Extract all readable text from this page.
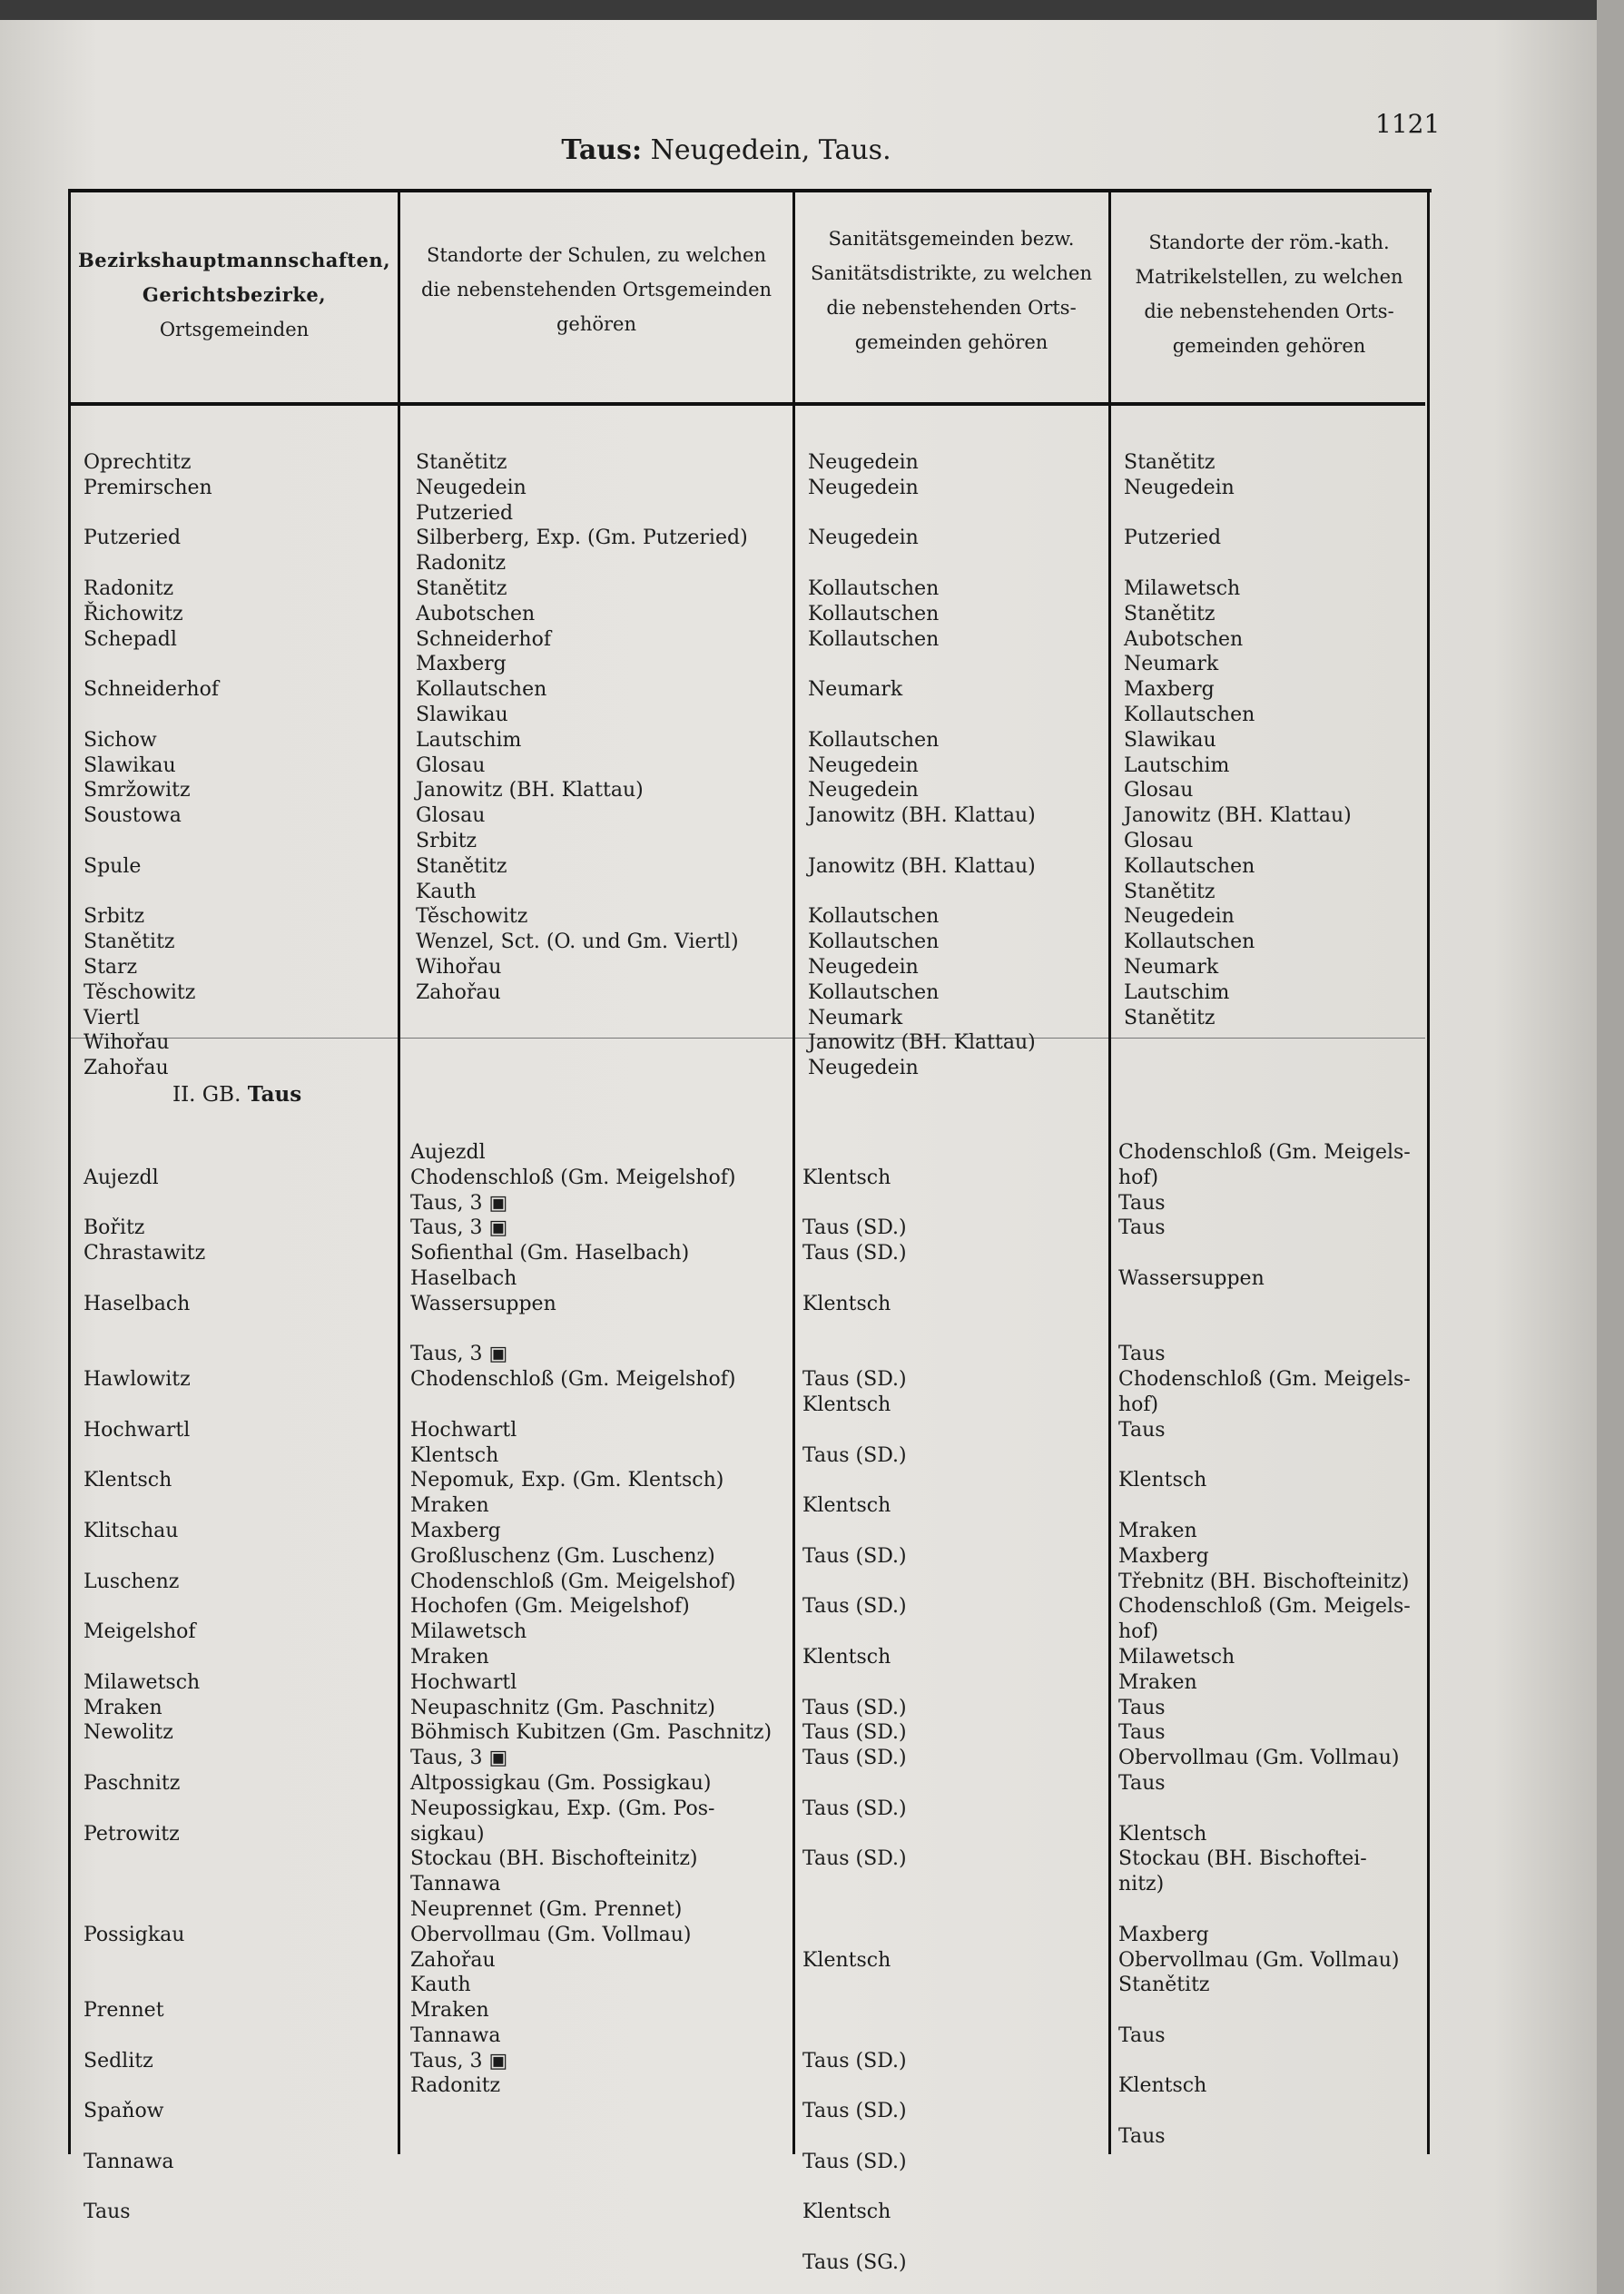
Taus: Neugedein, Taus.
1121
Bezirkshauptmannschaften,
Gerichtsbezirke,
Ortsgemeinden
Standorte der Schulen, zu welchen
die nebenstehenden Ortsgemeinden
gehören
Sanitätsgemeinden bezw.
Sanitätsdistrikte, zu welchen
die nebenstehenden Orts-
gemeinden gehören
Standorte der röm.-kath.
Matrikelstellen, zu welchen
die nebenstehenden Orts-
gemeinden gehören
Oprechtitz
Premirschen
Putzeried
Radonitz
Řichowitz
Schepadl
Schneiderhof
Sichow
Slawikau
Smržowitz
Soustowa
Spule
Srbitz
Stanětitz
Starz
Těschowitz
Viertl
Wihořau
Zahořau
Stanětitz
Neugedein
Putzeried
Silberberg, Exp. (Gm. Putzeried)
Radonitz
Stanětitz
Aubotschen
Schneiderhof
Maxberg
Kollautschen
Slawikau
Lautschim
Glosau
Janowitz (BH. Klattau)
Glosau
Srbitz
Stanětitz
Kauth
Těschowitz
Wenzel, Sct. (O. und Gm. Viertl)
Wihořau
Zahořau
Neugedein
Neugedein
Neugedein
Kollautschen
Kollautschen
Kollautschen
Neumark
Kollautschen
Neugedein
Neugedein
Janowitz (BH. Klattau)
Janowitz (BH. Klattau)
Kollautschen
Kollautschen
Neugedein
Kollautschen
Neumark
Janowitz (BH. Klattau)
Neugedein
Stanětitz
Neugedein
Putzeried
Milawetsch
Stanětitz
Aubotschen
Neumark
Maxberg
Kollautschen
Slawikau
Lautschim
Glosau
Janowitz (BH. Klattau)
Glosau
Kollautschen
Stanětitz
Neugedein
Kollautschen
Neumark
Lautschim
Stanětitz
II. GB. Taus
Aujezdl
Bořitz
Chrastawitz
Haselbach
Hawlowitz
Hochwartl
Klentsch
Klitschau
Luschenz
Meigelshof
Milawetsch
Mraken
Newolitz
Paschnitz
Petrowitz
Possigkau
Prennet
Sedlitz
Spaňow
Tannawa
Taus
Aujezdl
Chodenschloß (Gm. Meigelshof)
Taus, 3 ▣
Taus, 3 ▣
Sofienthal (Gm. Haselbach)
Haselbach
Wassersuppen
Taus, 3 ▣
Chodenschloß (Gm. Meigelshof)
Hochwartl
Klentsch
Nepomuk, Exp. (Gm. Klentsch)
Mraken
Maxberg
Großluschenz (Gm. Luschenz)
Chodenschloß (Gm. Meigelshof)
Hochofen (Gm. Meigelshof)
Milawetsch
Mraken
Hochwartl
Neupaschnitz (Gm. Paschnitz)
Böhmisch Kubitzen (Gm. Paschnitz)
Taus, 3 ▣
Altpossigkau (Gm. Possigkau)
Neupossigkau, Exp. (Gm. Pos-
sigkau)
Stockau (BH. Bischofteinitz)
Tannawa
Neuprennet (Gm. Prennet)
Obervollmau (Gm. Vollmau)
Zahořau
Kauth
Mraken
Tannawa
Taus, 3 ▣
Radonitz
Klentsch
Taus (SD.)
Taus (SD.)
Klentsch
Taus (SD.)
Klentsch
Taus (SD.)
Klentsch
Taus (SD.)
Taus (SD.)
Klentsch
Taus (SD.)
Taus (SD.)
Taus (SD.)
Taus (SD.)
Taus (SD.)
Klentsch
Taus (SD.)
Taus (SD.)
Taus (SD.)
Klentsch
Taus (SG.)
Chodenschloß (Gm. Meigels-
hof)
Taus
Taus
Wassersuppen
Taus
Chodenschloß (Gm. Meigels-
hof)
Taus
Klentsch
Mraken
Maxberg
Třebnitz (BH. Bischofteinitz)
Chodenschloß (Gm. Meigels-
hof)
Milawetsch
Mraken
Taus
Taus
Obervollmau (Gm. Vollmau)
Taus
Klentsch
Stockau (BH. Bischoftei-
nitz)
Maxberg
Obervollmau (Gm. Vollmau)
Stanětitz
Taus
Klentsch
Taus
